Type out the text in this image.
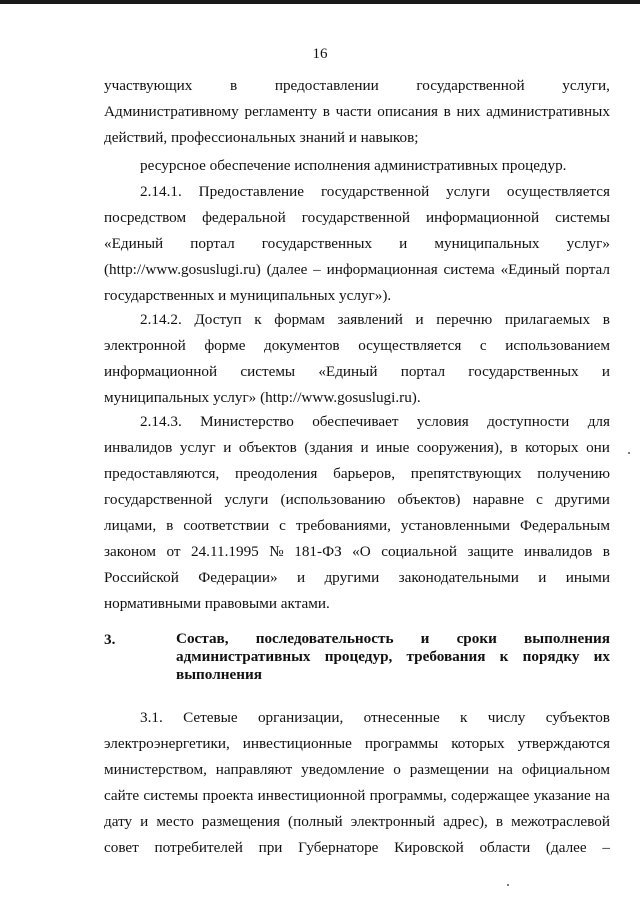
16
участвующих в предоставлении государственной услуги,
Административному регламенту в части описания в них административных
действий, профессиональных знаний и навыков;
ресурсное обеспечение исполнения административных процедур.
2.14.1. Предоставление государственной услуги осуществляется
посредством федеральной государственной информационной системы
«Единый портал государственных и муниципальных услуг»
(http://www.gosuslugi.ru) (далее – информационная система «Единый портал
государственных и муниципальных услуг»).
2.14.2. Доступ к формам заявлений и перечню прилагаемых в
электронной форме документов осуществляется с использованием
информационной системы «Единый портал государственных и
муниципальных услуг» (http://www.gosuslugi.ru).
2.14.3. Министерство обеспечивает условия доступности для
инвалидов услуг и объектов (здания и иные сооружения), в которых они
предоставляются, преодоления барьеров, препятствующих получению
государственной услуги (использованию объектов) наравне с другими
лицами, в соответствии с требованиями, установленными Федеральным
законом от 24.11.1995 № 181-ФЗ «О социальной защите инвалидов в
Российской Федерации» и другими законодательными и иными
нормативными правовыми актами.
3.	Состав, последовательность и сроки выполнения
административных процедур, требования к порядку их
выполнения
3.1. Сетевые организации, отнесенные к числу субъектов
электроэнергетики, инвестиционные программы которых утверждаются
министерством, направляют уведомление о размещении на официальном
сайте системы проекта инвестиционной программы, содержащее указание на
дату и место размещения (полный электронный адрес), в межотраслевой
совет потребителей при Губернаторе Кировской области (далее –
